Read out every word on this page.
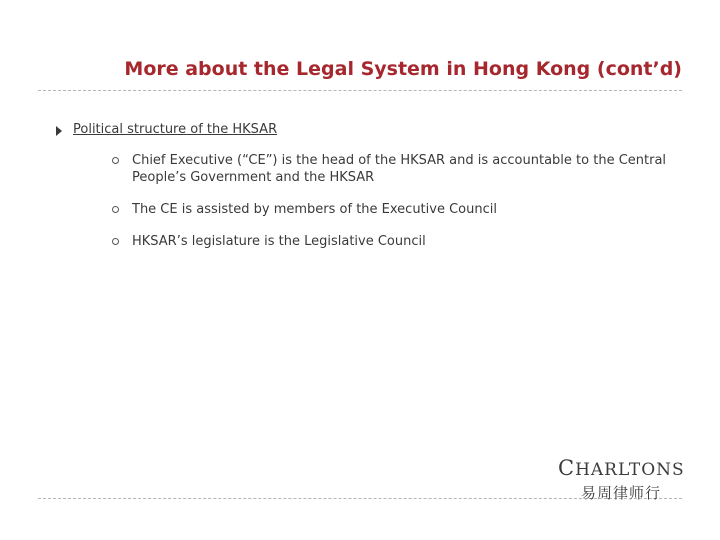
More about the Legal System in Hong Kong (cont’d)
Political structure of the HKSAR
Chief Executive (“CE”) is the head of the HKSAR and is accountable to the Central People’s Government and the HKSAR
The CE is assisted by members of the Executive Council
HKSAR’s legislature is the Legislative Council
CHARLTONS
易周律师行
